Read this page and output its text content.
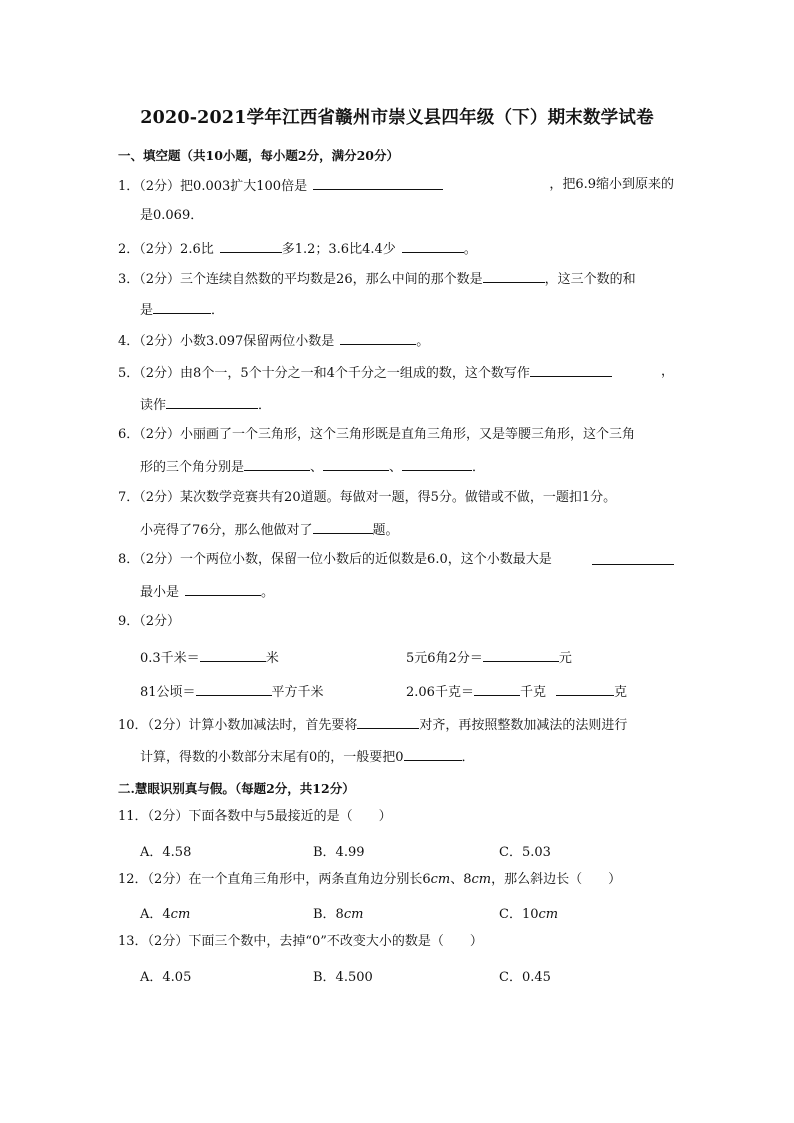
2020-2021学年江西省赣州市崇义县四年级（下）期末数学试卷
一、填空题（共10小题，每小题2分，满分20分）
1．（2分）把0.003扩大100倍是	，把6.9缩小到原来的
是0.069．
2．（2分）2.6比	多1.2；3.6比4.4少	。
3．（2分）三个连续自然数的平均数是26，那么中间的那个数是	，这三个数的和
是	．
4．（2分）小数3.097保留两位小数是	。
5．（2分）由8个一，5个十分之一和4个千分之一组成的数，这个数写作	，
读作	．
6．（2分）小丽画了一个三角形，这个三角形既是直角三角形，又是等腰三角形，这个三角
形的三个角分别是	、	、	．
7．（2分）某次数学竞赛共有20道题。每做对一题，得5分。做错或不做，一题扣1分。
小亮得了76分，那么他做对了	题。
8．（2分）一个两位小数，保留一位小数后的近似数是6.0，这个小数最大是
最小是	。
9．（2分）
0.3千米＝	米	5元6角2分＝	元
81公顷＝	平方千米	2.06千克＝	千克	克
10．（2分）计算小数加减法时，首先要将	对齐，再按照整数加减法的法则进行
计算，得数的小数部分末尾有0的，一般要把0	．
二.慧眼识别真与假。（每题2分，共12分）
11．（2分）下面各数中与5最接近的是（　　）
A．4.58	B．4.99	C．5.03
12．（2分）在一个直角三角形中，两条直角边分别长6cm、8cm，那么斜边长（　　）
A．4cm	B．8cm	C．10cm
13．（2分）下面三个数中，去掉“0”不改变大小的数是（　　）
A．4.05	B．4.500	C．0.45
